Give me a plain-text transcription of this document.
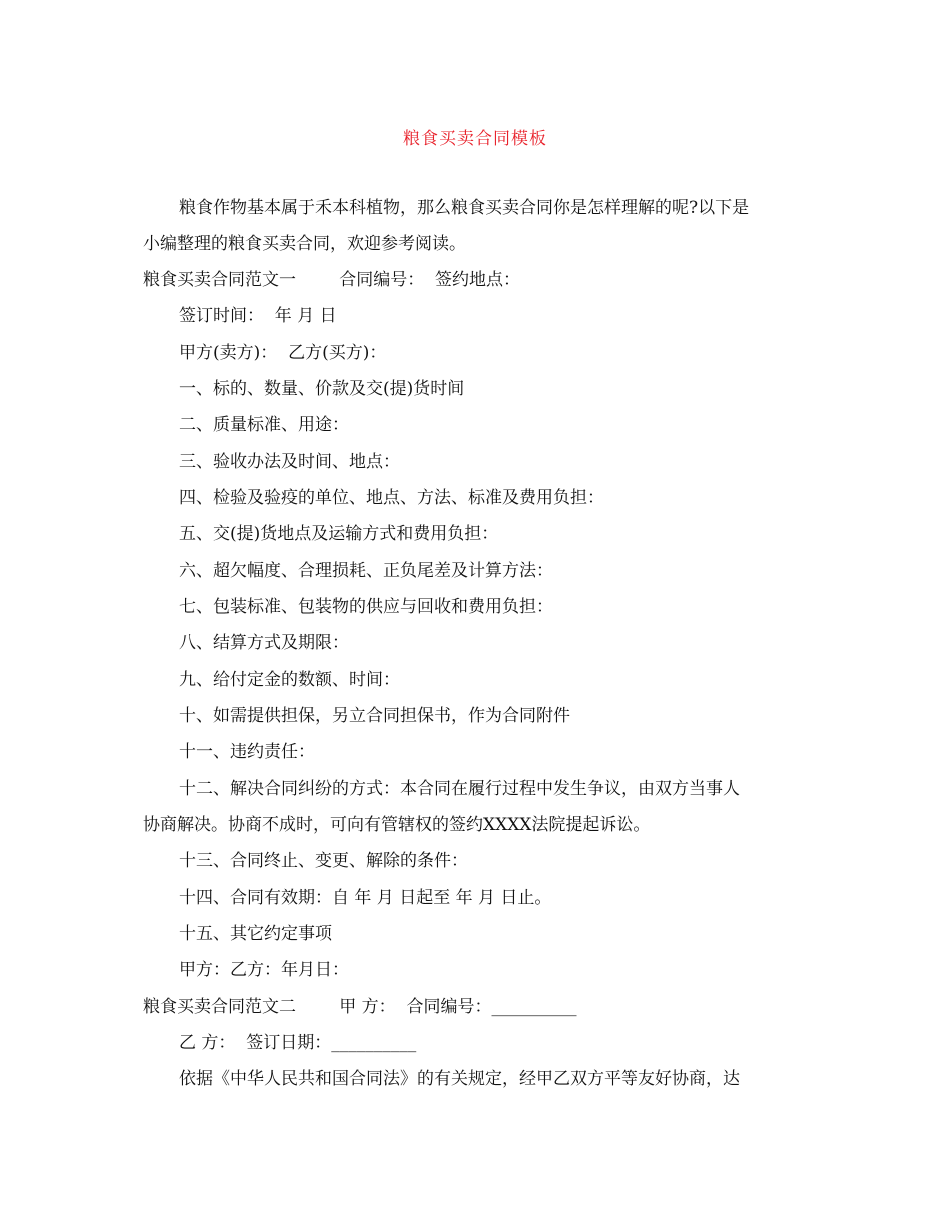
粮食买卖合同模板
粮食作物基本属于禾本科植物，那么粮食买卖合同你是怎样理解的呢?以下是
小编整理的粮食买卖合同，欢迎参考阅读。
粮食买卖合同范文一        合同编号：  签约地点：
签订时间：  年 月 日
甲方(卖方)：  乙方(买方)：
一、标的、数量、价款及交(提)货时间
二、质量标准、用途：
三、验收办法及时间、地点：
四、检验及验疫的单位、地点、方法、标准及费用负担：
五、交(提)货地点及运输方式和费用负担：
六、超欠幅度、合理损耗、正负尾差及计算方法：
七、包装标准、包装物的供应与回收和费用负担：
八、结算方式及期限：
九、给付定金的数额、时间：
十、如需提供担保，另立合同担保书，作为合同附件
十一、违约责任：
十二、解决合同纠纷的方式：本合同在履行过程中发生争议，由双方当事人
协商解决。协商不成时，可向有管辖权的签约XXXX法院提起诉讼。
十三、合同终止、变更、解除的条件：
十四、合同有效期：自 年 月 日起至 年 月 日止。
十五、其它约定事项
甲方：乙方：年月日：
粮食买卖合同范文二        甲 方：  合同编号：__________
乙 方：  签订日期：__________
依据《中华人民共和国合同法》的有关规定，经甲乙双方平等友好协商，达
